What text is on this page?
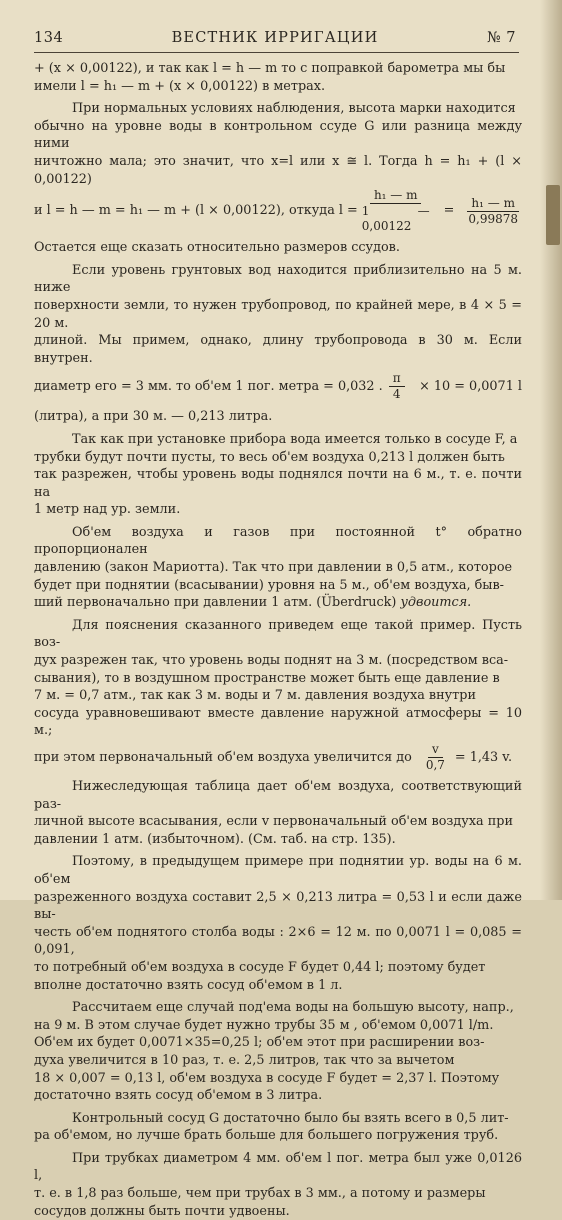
134	ВЕСТНИК ИРРИГАЦИИ	№ 7

+ (x × 0,00122), и так как l = h — m то с поправкой барометра мы бы

имели l = h₁ — m + (x × 0,00122) в метрах.

При нормальных условиях наблюдения, высота марки находится

обычно на уровне воды в контрольном ссуде G или разница между ними

ничтожно мала; это значит, что x=l или x ≅ l. Тогда h = h₁ + (l × 0,00122)

и l = h — m = h₁ — m + (l × 0,00122), откуда $l = \frac{\text{h₁ — m}}{1 — 0,00122} = \frac{\text{h₁ — m}}{0,99878}$

Остается еще сказать относительно размеров ссудов.

Если уровень грунтовых вод находится приблизительно на 5 м. ниже

поверхности земли, то нужен трубопровод, по крайней мере, в 4 × 5 = 20 м.

длиной. Мы примем, однако, длину трубопровода в 30 м. Если внутрен.

диаметр его = 3 мм. то об'ем 1 пог. метра = 0,032 . $\frac{\pi}{4} \times 10 = 0,0071$ l

(литра), а при 30 м. — 0,213 литра.

Так как при установке прибора вода имеется только в сосуде F, а

трубки будут почти пусты, то весь об'ем воздуха 0,213 l должен быть

так разрежен, чтобы уровень воды поднялся почти на 6 м., т. е. почти на

1 метр над ур. земли.

Об'ем воздуха и газов при постоянной t° обратно пропорционален

давлению (закон Мариотта). Так что при давлении в 0,5 атм., которое

будет при поднятии (всасывании) уровня на 5 м., об'ем воздуха, быв-

ший первоначально при давлении 1 атм. (Überdruck) удвоится.

Для пояснения сказанного приведем еще такой пример. Пусть воз-

дух разрежен так, что уровень воды поднят на 3 м. (посредством вса-

сывания), то в воздушном пространстве может быть еще давление в

7 м. = 0,7 атм., так как 3 м. воды и 7 м. давления воздуха внутри

сосуда уравновешивают вместе давление наружной атмосферы = 10 м.;

при этом первоначальный об'ем воздуха увеличится до $\frac{v}{0,7} = 1,43$ v.

Нижеследующая таблица дает об'ем воздуха, соответствующий раз-

личной высоте всасывания, если v первоначальный об'ем воздуха при

давлении 1 атм. (избыточном). (См. таб. на стр. 135).

Поэтому, в предыдущем примере при поднятии ур. воды на 6 м. об'ем

разреженного воздуха составит 2,5 × 0,213 литра = 0,53 l и если даже вы-

честь об'ем поднятого столба воды : 2×6 = 12 м. по 0,0071 l = 0,085 = 0,091,

то потребный об'ем воздуха в сосуде F будет 0,44 l; поэтому будет

вполне достаточно взять сосуд об'емом в 1 л.

Рассчитаем еще случай под'ема воды на большую высоту, напр.,

на 9 м. В этом случае будет нужно трубы 35 м , об'емом 0,0071 l/m.

Об'ем их будет 0,0071×35=0,25 l; об'ем этот при расширении воз-

духа увеличится в 10 раз, т. е. 2,5 литров, так что за вычетом

18 × 0,007 = 0,13 l, об'ем воздуха в сосуде F будет = 2,37 l. Поэтому

достаточно взять сосуд об'емом в 3 литра.

Контрольный сосуд G достаточно было бы взять всего в 0,5 лит-

ра об'емом, но лучше брать больше для большего погружения труб.

При трубках диаметром 4 мм. об'ем l пог. метра был уже 0,0126 l,

т. е. в 1,8 раз больше, чем при трубах в 3 мм., а потому и размеры

сосудов должны быть почти удвоены.
